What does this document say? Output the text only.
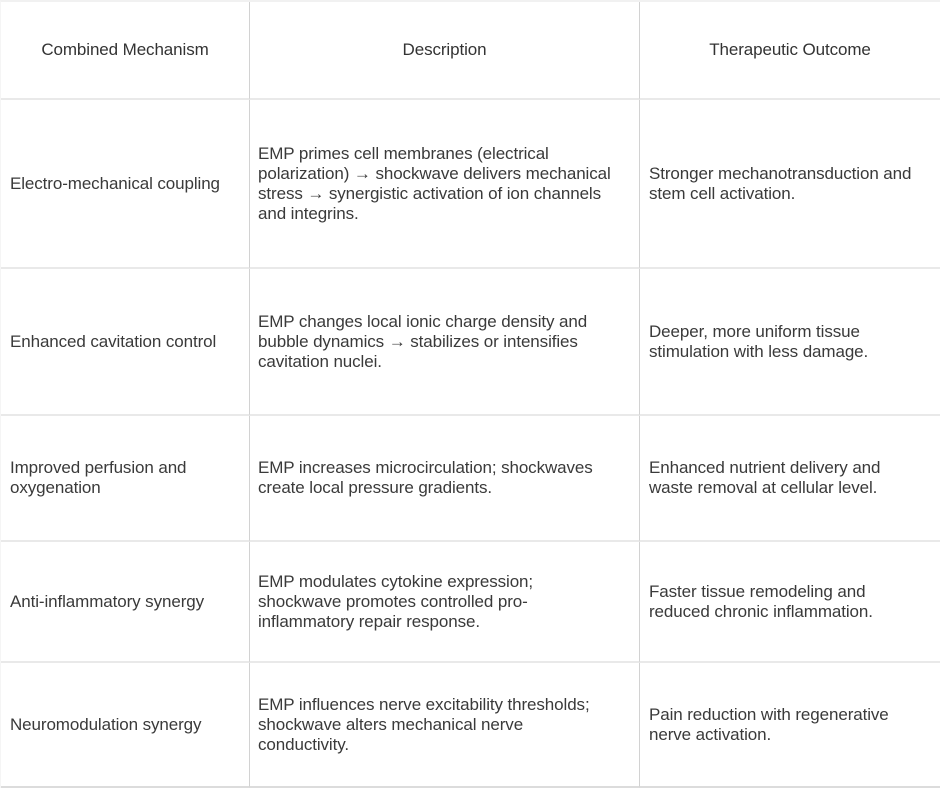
Combined Mechanism	Description	Therapeutic Outcome
Electro-mechanical coupling
EMP primes cell membranes (electrical polarization) → shockwave delivers mechanical stress → synergistic activation of ion channels and integrins.
Stronger mechanotransduction and stem cell activation.
Enhanced cavitation control
EMP changes local ionic charge density and bubble dynamics → stabilizes or intensifies cavitation nuclei.
Deeper, more uniform tissue stimulation with less damage.
Improved perfusion and oxygenation
EMP increases microcirculation; shockwaves create local pressure gradients.
Enhanced nutrient delivery and waste removal at cellular level.
Anti-inflammatory synergy
EMP modulates cytokine expression; shockwave promotes controlled pro-inflammatory repair response.
Faster tissue remodeling and reduced chronic inflammation.
Neuromodulation synergy
EMP influences nerve excitability thresholds; shockwave alters mechanical nerve conductivity.
Pain reduction with regenerative nerve activation.
